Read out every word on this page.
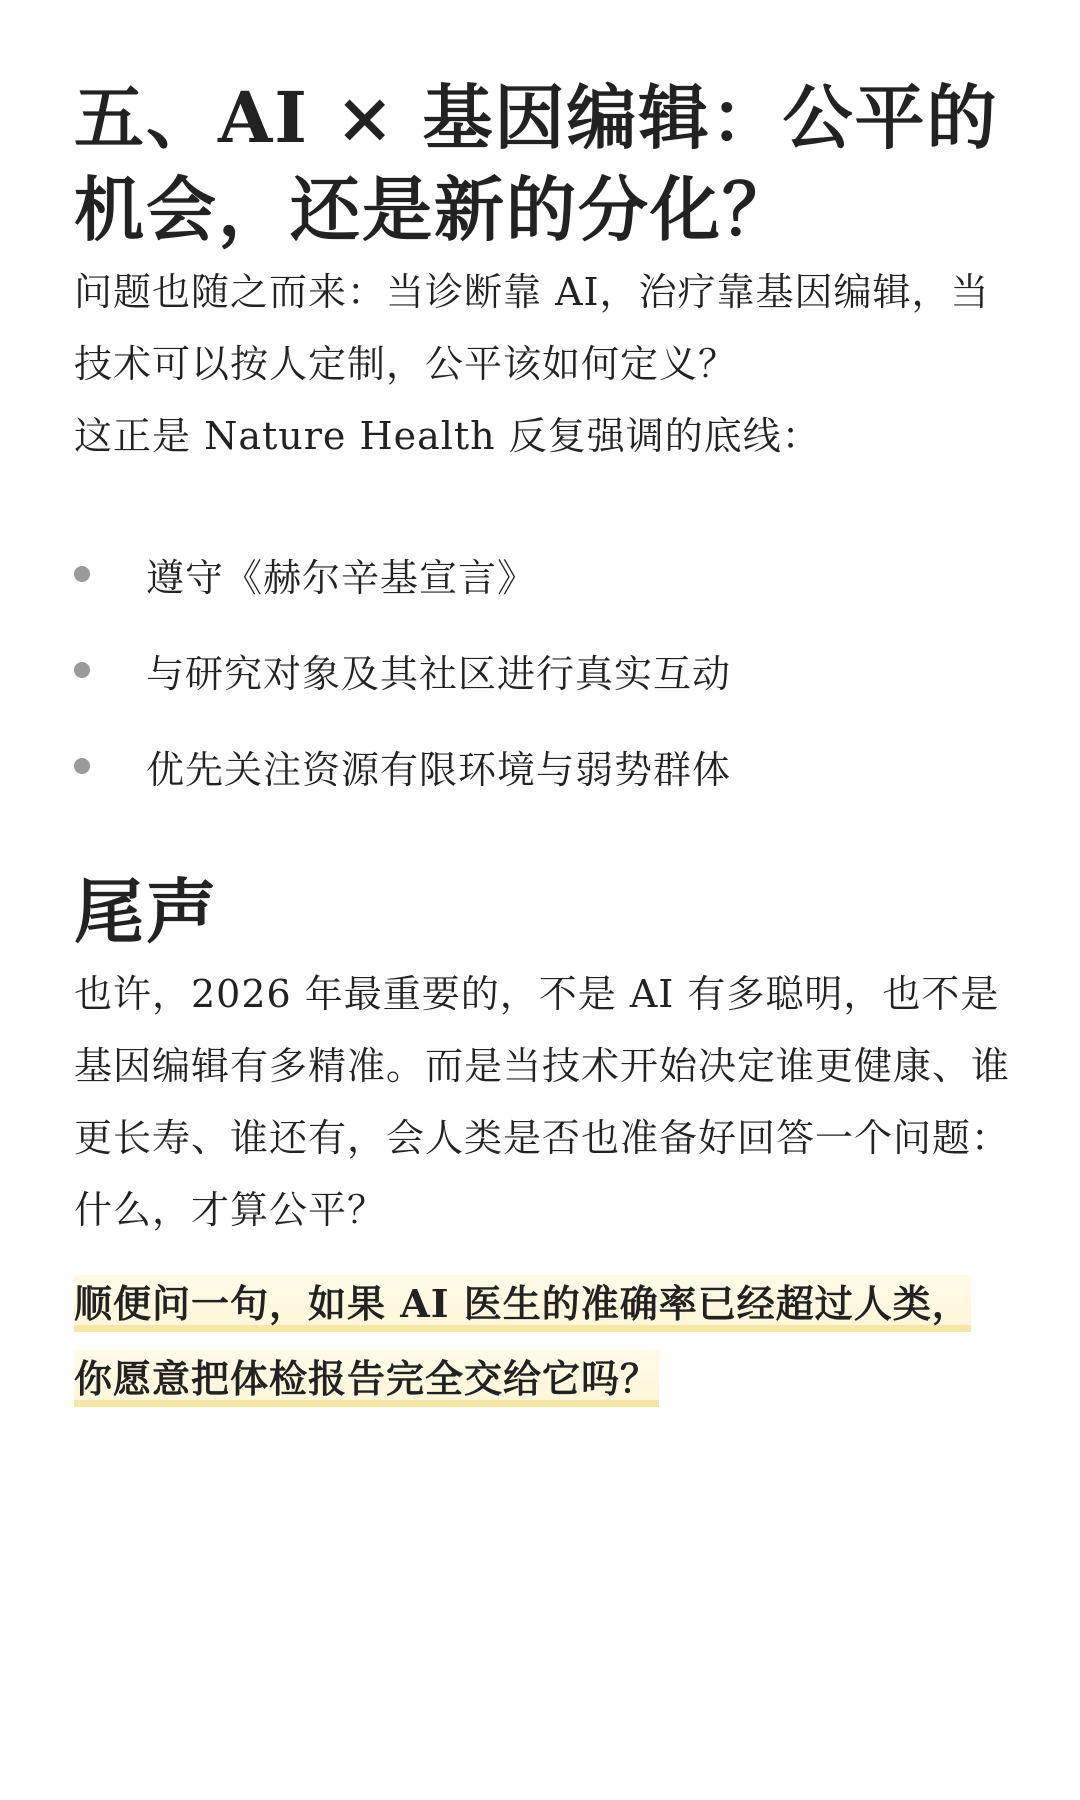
五、AI × 基因编辑：公平的机会，还是新的分化？

问题也随之而来：当诊断靠 AI，治疗靠基因编辑，当技术可以按人定制，公平该如何定义？

这正是 Nature Health 反复强调的底线：

遵守《赫尔辛基宣言》
与研究对象及其社区进行真实互动
优先关注资源有限环境与弱势群体
尾声

也许，2026 年最重要的，不是 AI 有多聪明，也不是基因编辑有多精准。而是当技术开始决定谁更健康、谁更长寿、谁还有，会人类是否也准备好回答一个问题：什么，才算公平？

顺便问一句，如果 AI 医生的准确率已经超过人类，你愿意把体检报告完全交给它吗？
